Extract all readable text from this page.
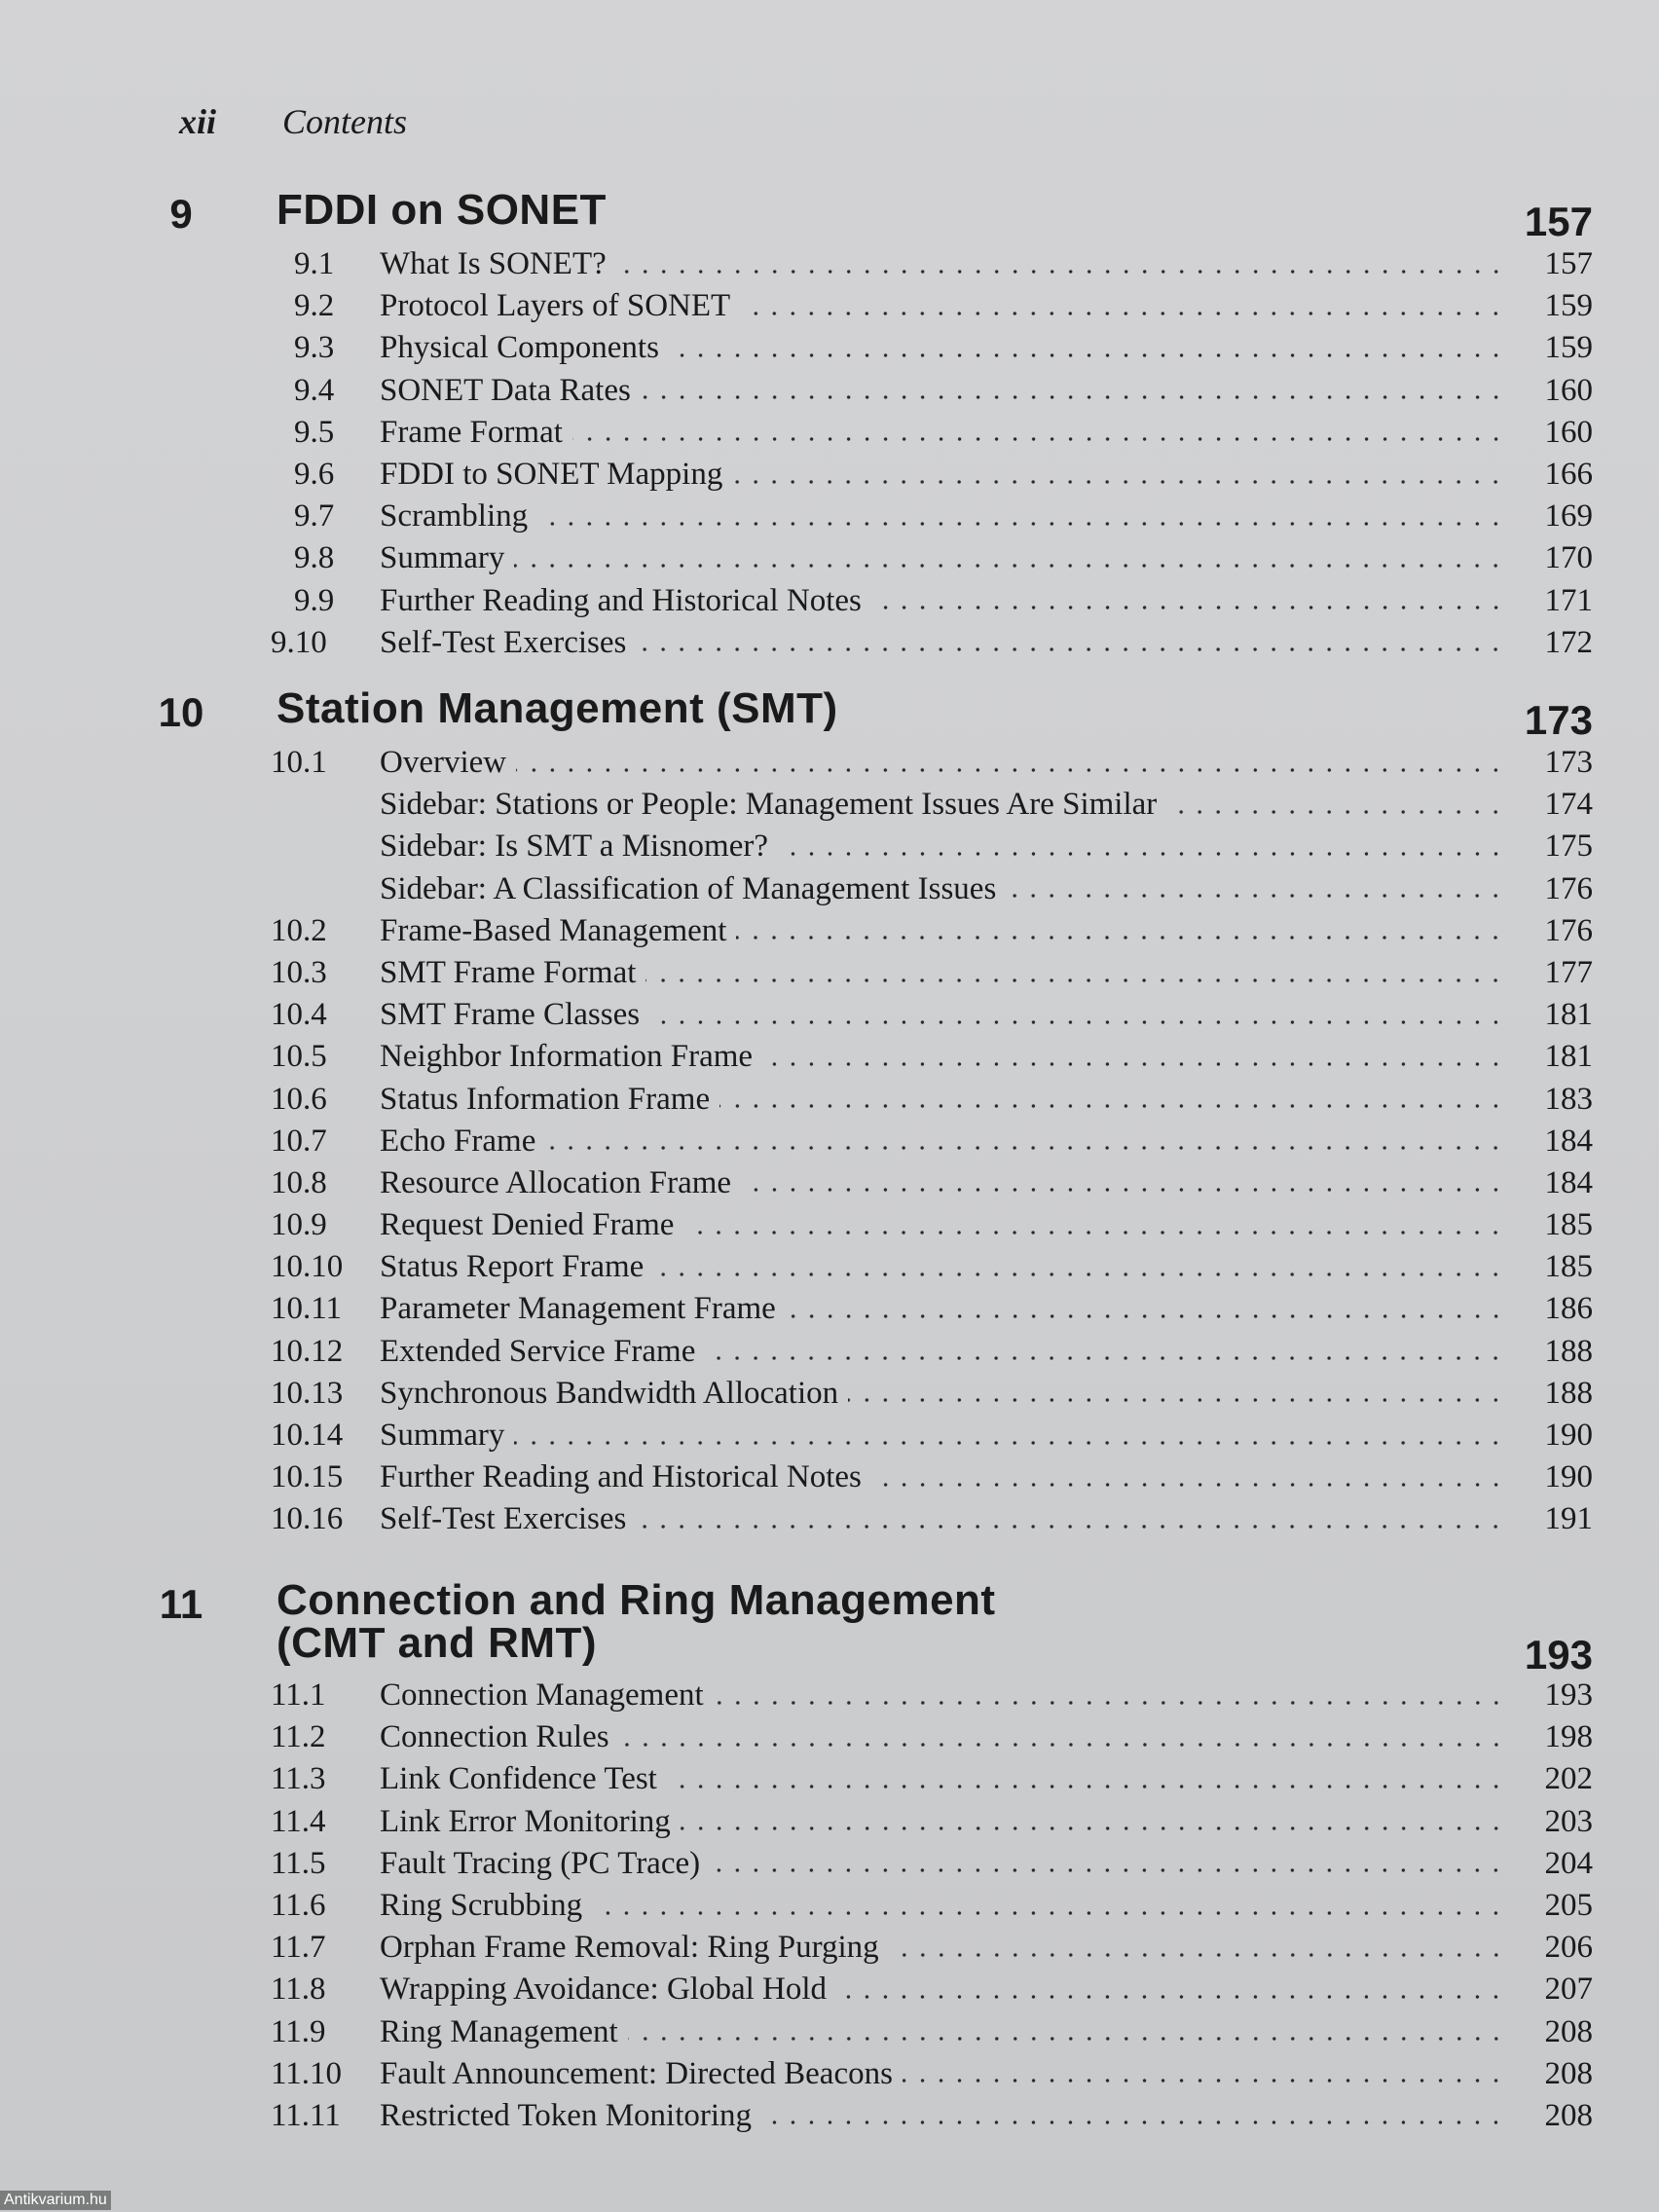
xii Contents
9	FDDI on SONET	157
9.1 What Is SONET?	157
9.2 Protocol Layers of SONET	159
9.3 Physical Components	159
9.4 SONET Data Rates	160
9.5 Frame Format	160
9.6 FDDI to SONET Mapping	166
9.7 Scrambling	169
9.8 Summary	170
9.9 Further Reading and Historical Notes	171
9.10 Self-Test Exercises	172
10 Station Management (SMT)	173
10.1 Overview	173
Sidebar: Stations or People: Management Issues Are Similar	174
Sidebar: Is SMT a Misnomer?	175
Sidebar: A Classification of Management Issues	176
10.2 Frame-Based Management	176
10.3 SMT Frame Format	177
10.4 SMT Frame Classes	181
10.5 Neighbor Information Frame	181
10.6 Status Information Frame	183
10.7 Echo Frame	184
10.8 Resource Allocation Frame	184
10.9 Request Denied Frame	185
10.10 Status Report Frame	185
10.11 Parameter Management Frame	186
10.12 Extended Service Frame	188
10.13 Synchronous Bandwidth Allocation	188
10.14 Summary	190
10.15 Further Reading and Historical Notes	190
10.16 Self-Test Exercises	191
11	Connection and Ring Management
(CMT and RMT)	193
11.1 Connection Management	193
11.2 Connection Rules	198
11.3 Link Confidence Test	202
11.4 Link Error Monitoring	203
11.5 Fault Tracing (PC Trace)	204
11.6 Ring Scrubbing	205
11.7 Orphan Frame Removal: Ring Purging	206
11.8 Wrapping Avoidance: Global Hold	207
11.9 Ring Management	208
11.10 Fault Announcement: Directed Beacons	208
11.11 Restricted Token Monitoring	208
Antikvarium.hu
